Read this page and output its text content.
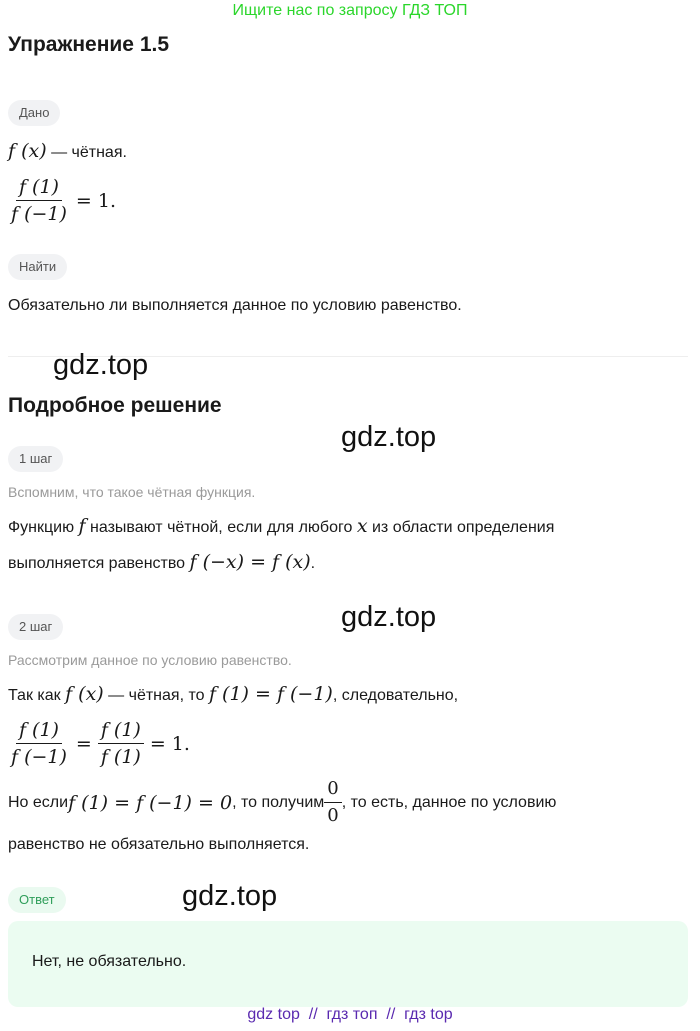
Ищите нас по запросу ГДЗ ТОП
Упражнение 1.5
Дано
f (x) — чётная.
$\frac{f (1)}{f (-1)} = 1$.
Найти
Обязательно ли выполняется данное по условию равенство.
gdz.top
Подробное решение
gdz.top
1 шаг
Вспомним, что такое чётная функция.
Функцию f называют чётной, если для любого x из области определения
выполняется равенство f (−x) = f (x).
gdz.top
2 шаг
Рассмотрим данное по условию равенство.
Так как f (x) — чётная, то f (1) = f (−1), следовательно,
$\frac{f (1)}{f (-1)} = \frac{f (1)}{f (1)} = 1$.
Но если f (1) = f (−1) = 0 , то получим $\frac{0}{0}$ , то есть, данное по условию
равенство не обязательно выполняется.
Ответ	gdz.top
Нет, не обязательно.
gdz top  //  гдз топ  //  гдз top
